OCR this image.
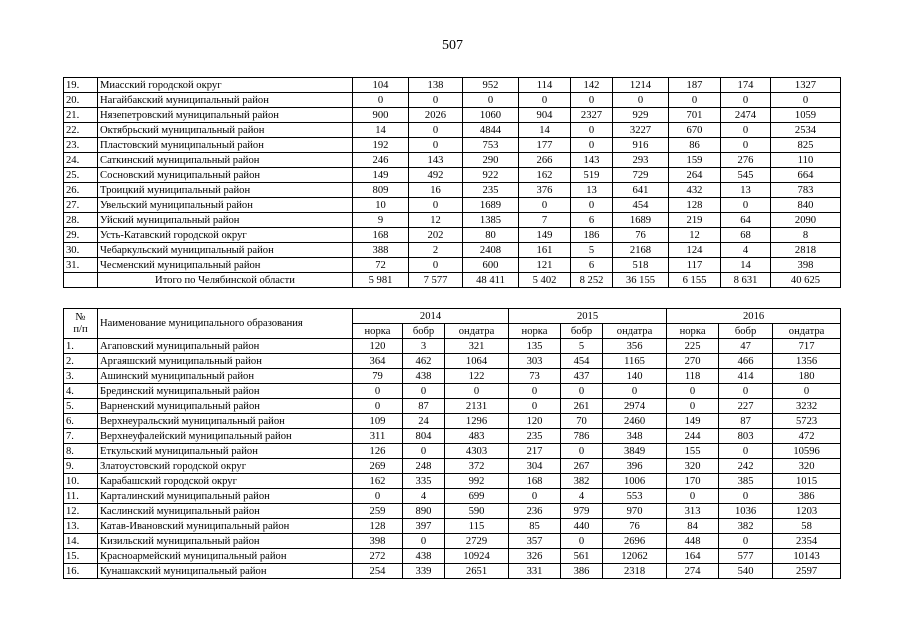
507
19.	Миасский городской округ	104	138	952	114	142	1214	187	174	1327
20.	Нагайбакский муниципальный район	0	0	0	0	0	0	0	0	0
21.	Нязепетровский муниципальный район	900	2026	1060	904	2327	929	701	2474	1059
22.	Октябрьский муниципальный район	14	0	4844	14	0	3227	670	0	2534
23.	Пластовский муниципальный район	192	0	753	177	0	916	86	0	825
24.	Саткинский муниципальный район	246	143	290	266	143	293	159	276	110
25.	Сосновский муниципальный район	149	492	922	162	519	729	264	545	664
26.	Троицкий муниципальный район	809	16	235	376	13	641	432	13	783
27.	Увельский муниципальный район	10	0	1689	0	0	454	128	0	840
28.	Уйский муниципальный район	9	12	1385	7	6	1689	219	64	2090
29.	Усть-Катавский городской округ	168	202	80	149	186	76	12	68	8
30.	Чебаркульский муниципальный район	388	2	2408	161	5	2168	124	4	2818
31.	Чесменский муниципальный район	72	0	600	121	6	518	117	14	398
	Итого по Челябинской области	5 981	7 577	48 411	5 402	8 252	36 155	6 155	8 631	40 625
№
п/п	Наименование муниципального образования	2014			2015			2016		
		норка	бобр	ондатра	норка	бобр	ондатра	норка	бобр	ондатра
1.	Агаповский муниципальный район	120	3	321	135	5	356	225	47	717
2.	Аргаяшский муниципальный район	364	462	1064	303	454	1165	270	466	1356
3.	Ашинский муниципальный район	79	438	122	73	437	140	118	414	180
4.	Брединский муниципальный район	0	0	0	0	0	0	0	0	0
5.	Варненский муниципальный район	0	87	2131	0	261	2974	0	227	3232
6.	Верхнеуральский муниципальный район	109	24	1296	120	70	2460	149	87	5723
7.	Верхнеуфалейский муниципальный район	311	804	483	235	786	348	244	803	472
8.	Еткульский муниципальный район	126	0	4303	217	0	3849	155	0	10596
9.	Златоустовский городской округ	269	248	372	304	267	396	320	242	320
10.	Карабашский городской округ	162	335	992	168	382	1006	170	385	1015
11.	Карталинский муниципальный район	0	4	699	0	4	553	0	0	386
12.	Каслинский муниципальный район	259	890	590	236	979	970	313	1036	1203
13.	Катав-Ивановский муниципальный район	128	397	115	85	440	76	84	382	58
14.	Кизильский муниципальный район	398	0	2729	357	0	2696	448	0	2354
15.	Красноармейский муниципальный район	272	438	10924	326	561	12062	164	577	10143
16.	Кунашакский муниципальный район	254	339	2651	331	386	2318	274	540	2597
